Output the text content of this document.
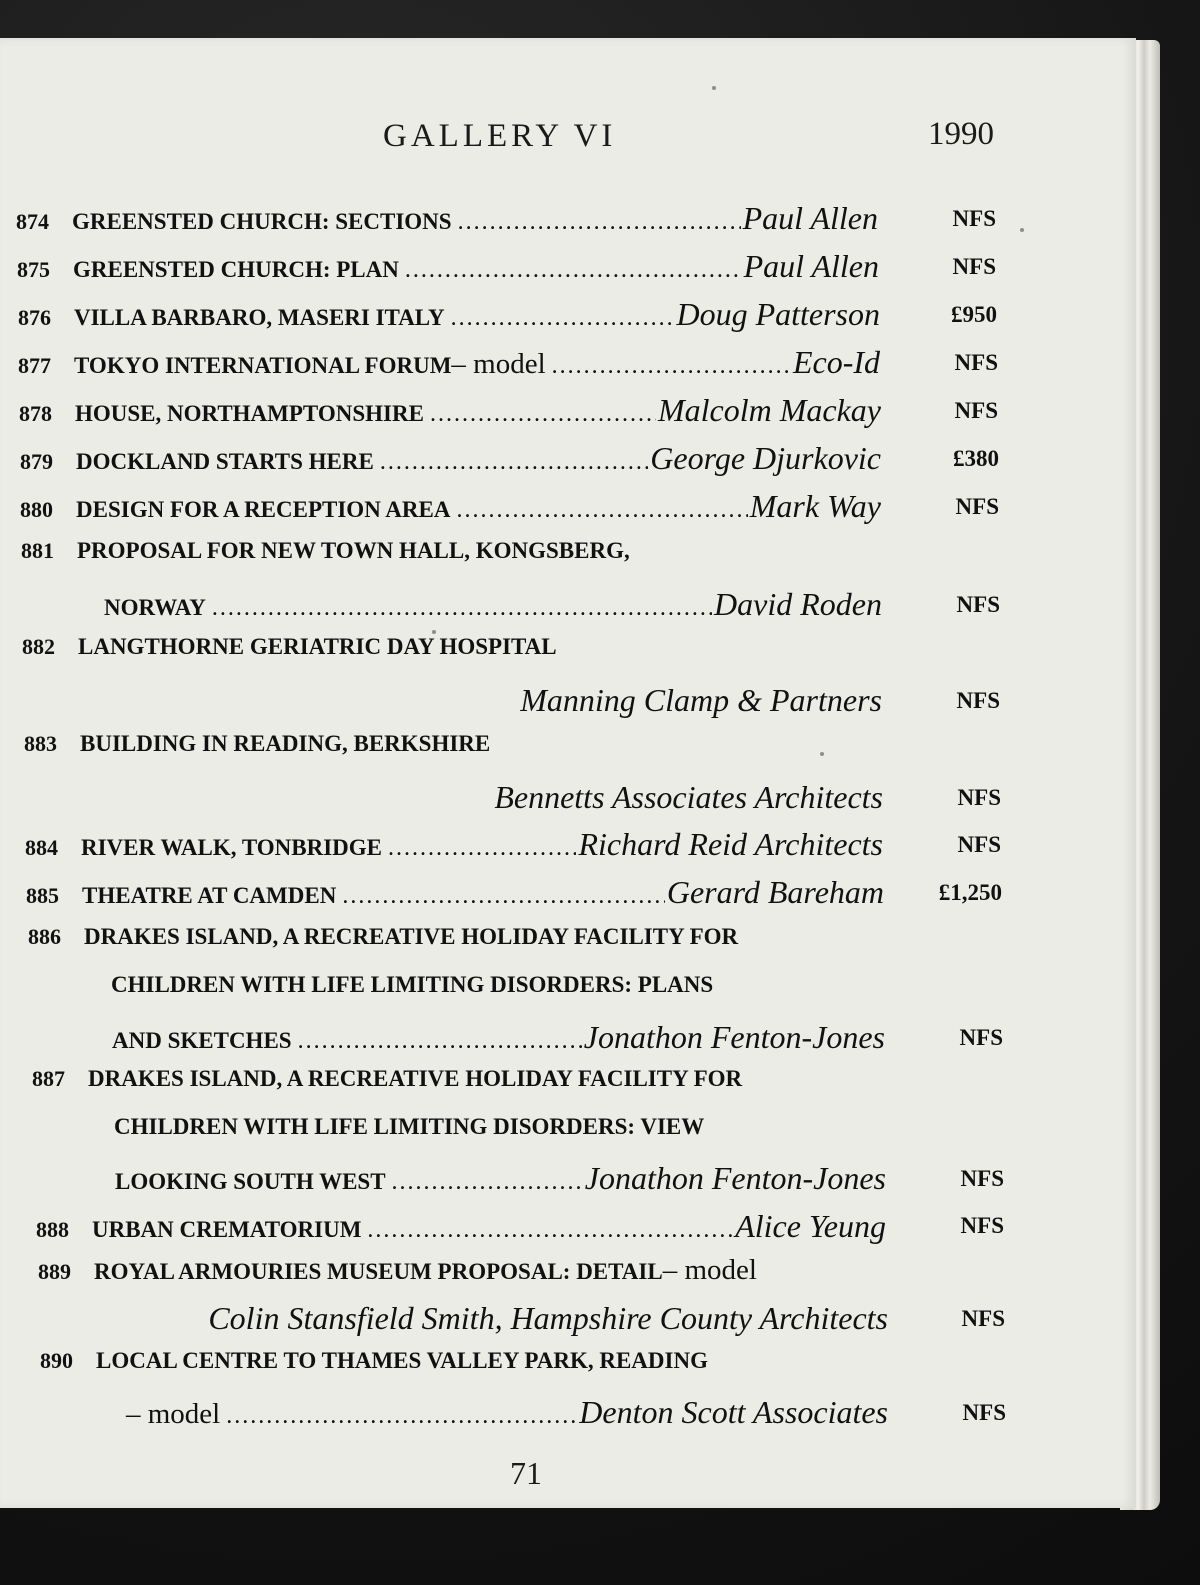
GALLERY VI	1990
874	GREENSTED CHURCH: SECTIONS . . .	Paul Allen	NFS
875	GREENSTED CHURCH: PLAN . . .	Paul Allen	NFS
876	VILLA BARBARO, MASERI ITALY . . .	Doug Patterson	£950
877	TOKYO INTERNATIONAL FORUM – model . . .	Eco-Id	NFS
878	HOUSE, NORTHAMPTONSHIRE . . .	Malcolm Mackay	NFS
879	DOCKLAND STARTS HERE . . .	George Djurkovic	£380
880	DESIGN FOR A RECEPTION AREA . . .	Mark Way	NFS
881	PROPOSAL FOR NEW TOWN HALL, KONGSBERG,
NORWAY . . .	David Roden	NFS
882	LANGTHORNE GERIATRIC DAY HOSPITAL
Manning Clamp & Partners	NFS
883	BUILDING IN READING, BERKSHIRE
Bennetts Associates Architects	NFS
884	RIVER WALK, TONBRIDGE . . .	Richard Reid Architects	NFS
885	THEATRE AT CAMDEN . . .	Gerard Bareham	£1,250
886	DRAKES ISLAND, A RECREATIVE HOLIDAY FACILITY FOR
CHILDREN WITH LIFE LIMITING DISORDERS: PLANS
AND SKETCHES . . .	Jonathon Fenton-Jones	NFS
887	DRAKES ISLAND, A RECREATIVE HOLIDAY FACILITY FOR
CHILDREN WITH LIFE LIMITING DISORDERS: VIEW
LOOKING SOUTH WEST . . .	Jonathon Fenton-Jones	NFS
888	URBAN CREMATORIUM . . .	Alice Yeung	NFS
889	ROYAL ARMOURIES MUSEUM PROPOSAL: DETAIL – model
Colin Stansfield Smith, Hampshire County Architects	NFS
890	LOCAL CENTRE TO THAMES VALLEY PARK, READING
– model . . .	Denton Scott Associates	NFS
71
